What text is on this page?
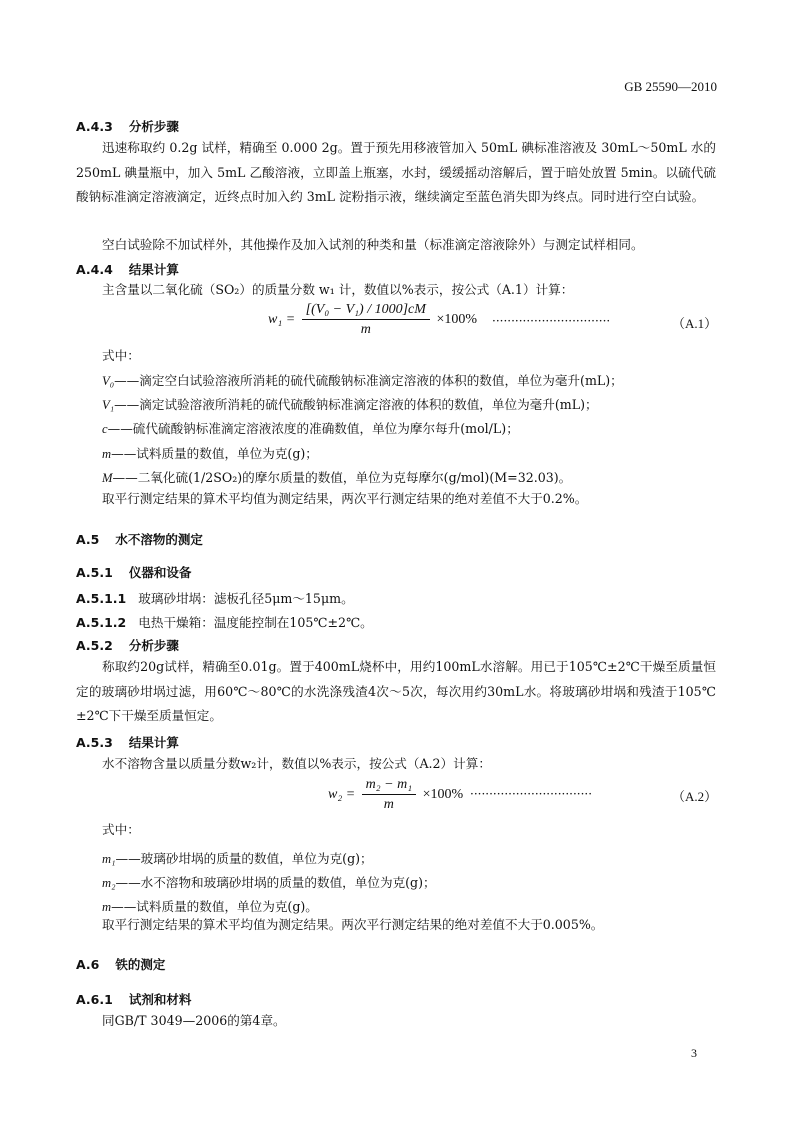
GB 25590—2010
A.4.3 分析步骤
迅速称取约 0.2g 试样，精确至 0.000 2g。置于预先用移液管加入 50mL 碘标准溶液及 30mL～50mL 水的 250mL 碘量瓶中，加入 5mL 乙酸溶液，立即盖上瓶塞，水封，缓缓摇动溶解后，置于暗处放置 5min。以硫代硫酸钠标准滴定溶液滴定，近终点时加入约 3mL 淀粉指示液，继续滴定至蓝色消失即为终点。同时进行空白试验。
空白试验除不加试样外，其他操作及加入试剂的种类和量（标准滴定溶液除外）与测定试样相同。
A.4.4 结果计算
主含量以二氧化硫（SO₂）的质量分数 w₁ 计，数值以%表示，按公式（A.1）计算：
$w_1 = \frac{\text{[(V₀ − V₁) / 1000]cM}}{m} \times 100\%$ ·······························	（A.1）
式中：
V₀——滴定空白试验溶液所消耗的硫代硫酸钠标准滴定溶液的体积的数值，单位为毫升(mL)；
V₁——滴定试验溶液所消耗的硫代硫酸钠标准滴定溶液的体积的数值，单位为毫升(mL)；
c——硫代硫酸钠标准滴定溶液浓度的准确数值，单位为摩尔每升(mol/L)；
m——试料质量的数值，单位为克(g)；
M——二氧化硫(1/2SO₂)的摩尔质量的数值，单位为克每摩尔(g/mol)(M=32.03)。
取平行测定结果的算术平均值为测定结果，两次平行测定结果的绝对差值不大于0.2%。
A.5 水不溶物的测定
A.5.1 仪器和设备
A.5.1.1 玻璃砂坩埚：滤板孔径5μm～15μm。
A.5.1.2 电热干燥箱：温度能控制在105℃±2℃。
A.5.2 分析步骤
称取约20g试样，精确至0.01g。置于400mL烧杯中，用约100mL水溶解。用已于105℃±2℃干燥至质量恒定的玻璃砂坩埚过滤，用60℃～80℃的水洗涤残渣4次～5次，每次用约30mL水。将玻璃砂坩埚和残渣于105℃±2℃下干燥至质量恒定。
A.5.3 结果计算
水不溶物含量以质量分数w₂计，数值以%表示，按公式（A.2）计算：
$w_2 = \frac{\text{m₂ − m₁}}{m} \times 100\%$ ································	（A.2）
式中：
m₁——玻璃砂坩埚的质量的数值，单位为克(g)；
m₂——水不溶物和玻璃砂坩埚的质量的数值，单位为克(g)；
m——试料质量的数值，单位为克(g)。
取平行测定结果的算术平均值为测定结果。两次平行测定结果的绝对差值不大于0.005%。
A.6 铁的测定
A.6.1 试剂和材料
同GB/T 3049—2006的第4章。
3
